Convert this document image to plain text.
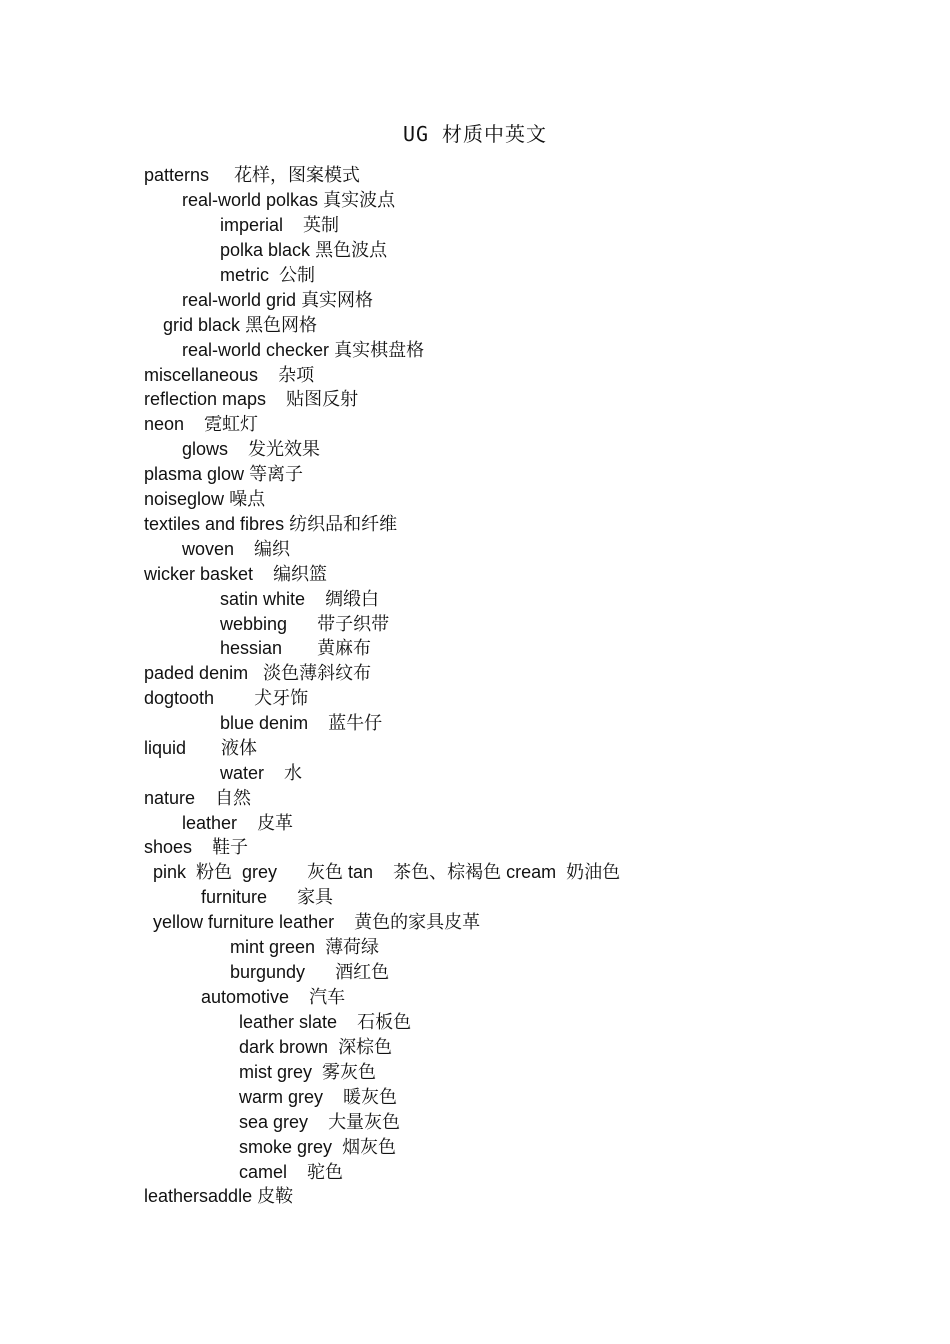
UG 材质中英文
patterns 花样，图案模式
real-world polkas 真实波点
imperial 英制
polka black 黑色波点
metric 公制
real-world grid 真实网格
grid black 黑色网格
real-world checker 真实棋盘格
miscellaneous 杂项
reflection maps 贴图反射
neon 霓虹灯
glows 发光效果
plasma glow 等离子
noiseglow 噪点
textiles and fibres 纺织品和纤维
woven 编织
wicker basket 编织篮
satin white 绸缎白
webbing 带子织带
hessian 黄麻布
paded denim 淡色薄斜纹布
dogtooth 犬牙饰
blue denim 蓝牛仔
liquid 液体
water 水
nature 自然
leather 皮革
shoes 鞋子
pink  粉色  grey      灰色 tan    茶色、棕褐色 cream  奶油色
furniture 家具
yellow furniture leather 黄色的家具皮革
mint green 薄荷绿
burgundy 酒红色
automotive 汽车
leather slate 石板色
dark brown 深棕色
mist grey 雾灰色
warm grey 暖灰色
sea grey 大量灰色
smoke grey 烟灰色
camel 驼色
leathersaddle 皮鞍
